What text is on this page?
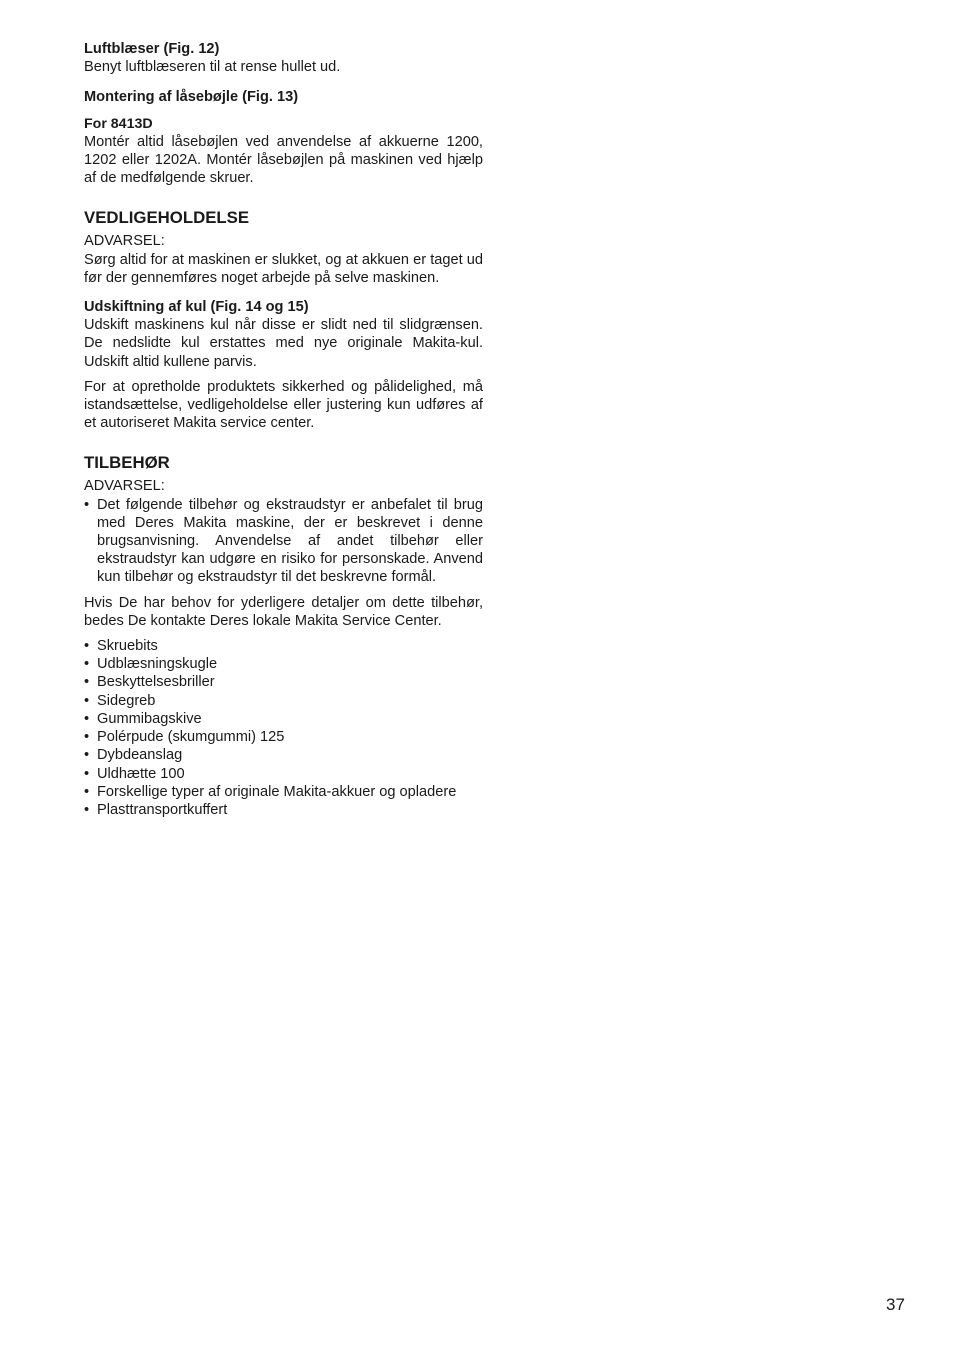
Luftblæser (Fig. 12)

Benyt luftblæseren til at rense hullet ud.

Montering af låsebøjle (Fig. 13)

For 8413D

Montér altid låsebøjlen ved anvendelse af akkuerne 1200, 1202 eller 1202A. Montér låsebøjlen på maskinen ved hjælp af de medfølgende skruer.

VEDLIGEHOLDELSE

ADVARSEL:

Sørg altid for at maskinen er slukket, og at akkuen er taget ud før der gennemføres noget arbejde på selve maskinen.

Udskiftning af kul (Fig. 14 og 15)

Udskift maskinens kul når disse er slidt ned til slidgrænsen. De nedslidte kul erstattes med nye originale Makita-kul. Udskift altid kullene parvis.

For at opretholde produktets sikkerhed og pålidelighed, må istandsættelse, vedligeholdelse eller justering kun udføres af et autoriseret Makita service center.

TILBEHØR

ADVARSEL:

• Det følgende tilbehør og ekstraudstyr er anbefalet til brug med Deres Makita maskine, der er beskrevet i denne brugsanvisning. Anvendelse af andet tilbehør eller ekstraudstyr kan udgøre en risiko for personskade. Anvend kun tilbehør og ekstraudstyr til det beskrevne formål.

Hvis De har behov for yderligere detaljer om dette tilbehør, bedes De kontakte Deres lokale Makita Service Center.

• Skruebits
• Udblæsningskugle
• Beskyttelsesbriller
• Sidegreb
• Gummibagskive
• Polérpude (skumgummi) 125
• Dybdeanslag
• Uldhætte 100
• Forskellige typer af originale Makita-akkuer og opladere
• Plasttransportkuffert
37
